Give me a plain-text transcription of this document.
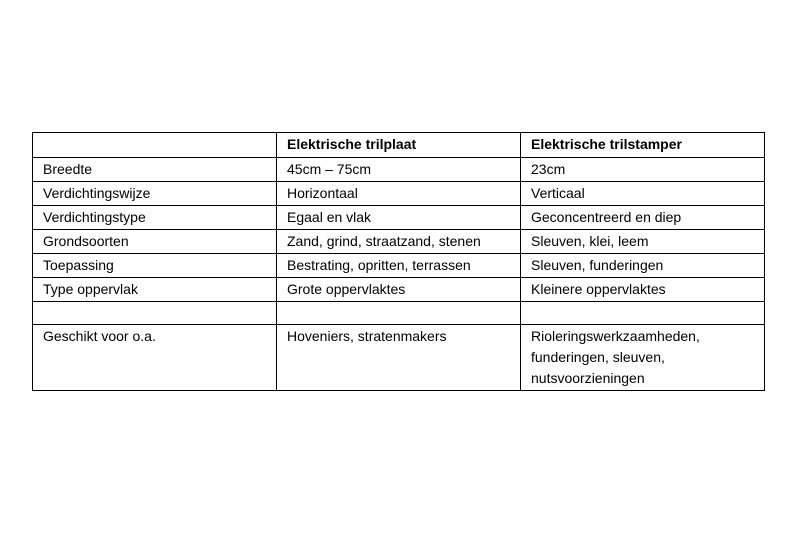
	Elektrische trilplaat	Elektrische trilstamper
Breedte	45cm – 75cm	23cm
Verdichtingswijze	Horizontaal	Verticaal
Verdichtingstype	Egaal en vlak	Geconcentreerd en diep
Grondsoorten	Zand, grind, straatzand, stenen	Sleuven, klei, leem
Toepassing	Bestrating, opritten, terrassen	Sleuven, funderingen
Type oppervlak	Grote oppervlaktes	Kleinere oppervlaktes

Geschikt voor o.a.	Hoveniers, stratenmakers	Rioleringswerkzaamheden, funderingen, sleuven, nutsvoorzieningen
